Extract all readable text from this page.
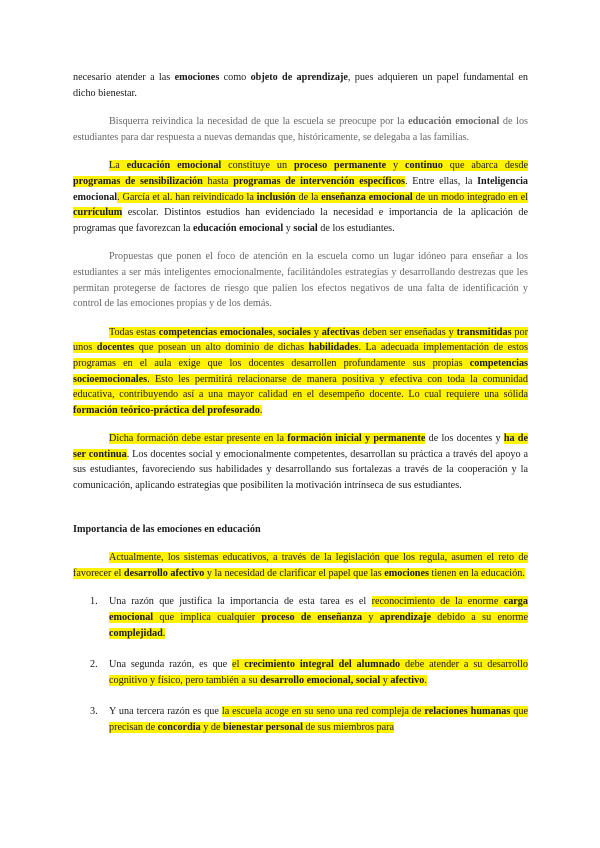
necesario atender a las emociones como objeto de aprendizaje, pues adquieren un papel fundamental en dicho bienestar.

Bisquerra reivindica la necesidad de que la escuela se preocupe por la educación emocional de los estudiantes para dar respuesta a nuevas demandas que, históricamente, se delegaba a las familias.

La educación emocional constituye un proceso permanente y continuo que abarca desde programas de sensibilización hasta programas de intervención específicos. Entre ellas, la Inteligencia emocional. García et al. han reivindicado la inclusión de la enseñanza emocional de un modo integrado en el currículum escolar. Distintos estudios han evidenciado la necesidad e importancia de la aplicación de programas que favorezcan la educación emocional y social de los estudiantes.

Propuestas que ponen el foco de atención en la escuela como un lugar idóneo para enseñar a los estudiantes a ser más inteligentes emocionalmente, facilitándoles estrategias y desarrollando destrezas que les permitan protegerse de factores de riesgo que palíen los efectos negativos de una falta de identificación y control de las emociones propias y de los demás.

Todas estas competencias emocionales, sociales y afectivas deben ser enseñadas y transmitidas por unos docentes que posean un alto dominio de dichas habilidades. La adecuada implementación de estos programas en el aula exige que los docentes desarrollen profundamente sus propias competencias socioemocionales. Esto les permitirá relacionarse de manera positiva y efectiva con toda la comunidad educativa, contribuyendo así a una mayor calidad en el desempeño docente. Lo cual requiere una sólida formación teórico-práctica del profesorado.

Dicha formación debe estar presente en la formación inicial y permanente de los docentes y ha de ser continua. Los docentes social y emocionalmente competentes, desarrollan su práctica a través del apoyo a sus estudiantes, favoreciendo sus habilidades y desarrollando sus fortalezas a través de la cooperación y la comunicación, aplicando estrategias que posibiliten la motivación intrínseca de sus estudiantes.

Importancia de las emociones en educación

Actualmente, los sistemas educativos, a través de la legislación que los regula, asumen el reto de favorecer el desarrollo afectivo y la necesidad de clarificar el papel que las emociones tienen en la educación.

1. Una razón que justifica la importancia de esta tarea es el reconocimiento de la enorme carga emocional que implica cualquier proceso de enseñanza y aprendizaje debido a su enorme complejidad.
2. Una segunda razón, es que el crecimiento integral del alumnado debe atender a su desarrollo cognitivo y físico, pero también a su desarrollo emocional, social y afectivo.
3. Y una tercera razón es que la escuela acoge en su seno una red compleja de relaciones humanas que precisan de concordia y de bienestar personal de sus miembros para
